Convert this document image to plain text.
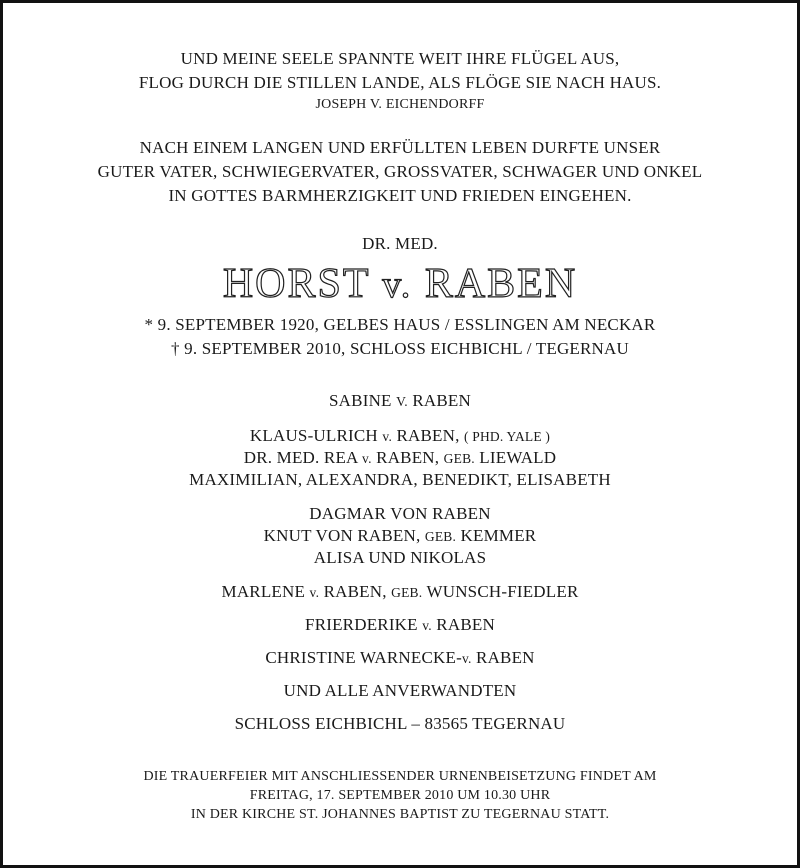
UND MEINE SEELE SPANNTE WEIT IHRE FLÜGEL AUS,
FLOG DURCH DIE STILLEN LANDE, ALS FLÖGE SIE NACH HAUS.
JOSEPH V. EICHENDORFF
NACH EINEM LANGEN UND ERFÜLLTEN LEBEN DURFTE UNSER
GUTER VATER, SCHWIEGERVATER, GROSSVATER, SCHWAGER UND ONKEL
IN GOTTES BARMHERZIGKEIT UND FRIEDEN EINGEHEN.
DR. MED.
HORST v. RABEN
* 9. SEPTEMBER 1920, GELBES HAUS / ESSLINGEN AM NECKAR
† 9. SEPTEMBER 2010, SCHLOSS EICHBICHL / TEGERNAU
SABINE V. RABEN
KLAUS-ULRICH v. RABEN, ( PHD. YALE )
DR. MED. REA v. RABEN, GEB. LIEWALD
MAXIMILIAN, ALEXANDRA, BENEDIKT, ELISABETH
DAGMAR VON RABEN
KNUT VON RABEN, GEB. KEMMER
ALISA UND NIKOLAS
MARLENE v. RABEN, GEB. WUNSCH-FIEDLER
FRIERDERIKE v. RABEN
CHRISTINE WARNECKE-v. RABEN
UND ALLE ANVERWANDTEN
SCHLOSS EICHBICHL – 83565 TEGERNAU
DIE TRAUERFEIER MIT ANSCHLIESSENDER URNENBEISETZUNG FINDET AM
FREITAG, 17. SEPTEMBER 2010 UM 10.30 UHR
IN DER KIRCHE ST. JOHANNES BAPTIST ZU TEGERNAU STATT.
